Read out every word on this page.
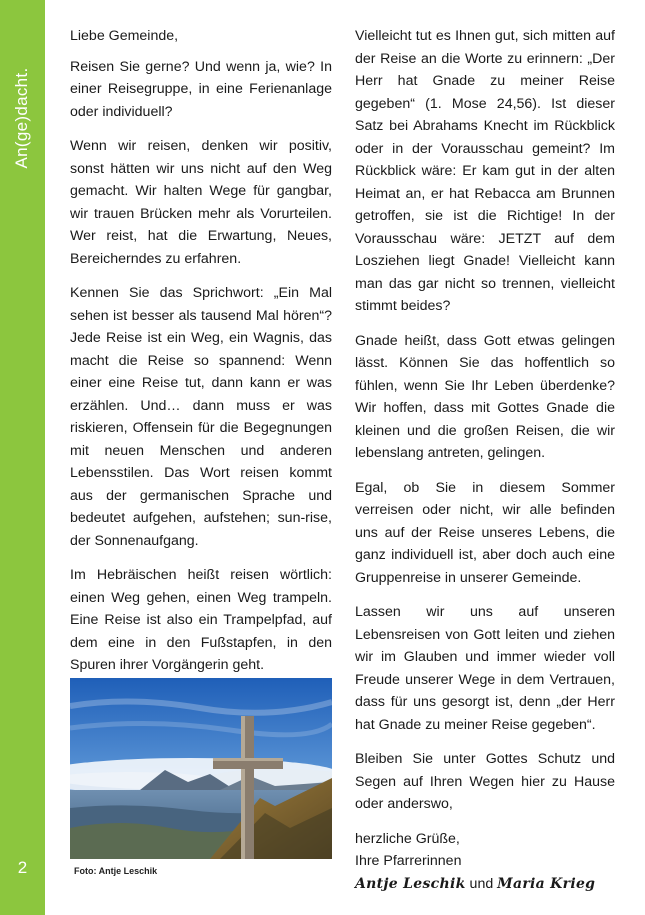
An(ge)dacht.
2

Liebe Gemeinde,

Reisen Sie gerne? Und wenn ja, wie? In einer Reisegruppe, in eine Ferienanlage oder individuell?

Wenn wir reisen, denken wir positiv, sonst hätten wir uns nicht auf den Weg gemacht. Wir halten Wege für gangbar, wir trauen Brücken mehr als Vorurteilen. Wer reist, hat die Erwartung, Neues, Bereicherndes zu erfahren.

Kennen Sie das Sprichwort: „Ein Mal sehen ist besser als tausend Mal hören“? Jede Reise ist ein Weg, ein Wagnis, das macht die Reise so spannend: Wenn einer eine Reise tut, dann kann er was erzählen. Und… dann muss er was riskieren, Offensein für die Begegnungen mit neuen Menschen und anderen Lebensstilen. Das Wort reisen kommt aus der germanischen Sprache und bedeutet aufgehen, aufstehen; sun-rise, der Sonnenaufgang.

Im Hebräischen heißt reisen wörtlich: einen Weg gehen, einen Weg trampeln. Eine Reise ist also ein Trampelpfad, auf dem eine in den Fußstapfen, in den Spuren ihrer Vorgängerin geht.

Foto: Antje Leschik

Vielleicht tut es Ihnen gut, sich mitten auf der Reise an die Worte zu erinnern: „Der Herr hat Gnade zu meiner Reise gegeben“ (1. Mose 24,56). Ist dieser Satz bei Abrahams Knecht im Rückblick oder in der Vorausschau gemeint? Im Rückblick wäre: Er kam gut in der alten Heimat an, er hat Rebacca am Brunnen getroffen, sie ist die Richtige! In der Vorausschau wäre: JETZT auf dem Losziehen liegt Gnade! Vielleicht kann man das gar nicht so trennen, vielleicht stimmt beides?

Gnade heißt, dass Gott etwas gelingen lässt. Können Sie das hoffentlich so fühlen, wenn Sie Ihr Leben überdenke? Wir hoffen, dass mit Gottes Gnade die kleinen und die großen Reisen, die wir lebenslang antreten, gelingen.

Egal, ob Sie in diesem Sommer verreisen oder nicht, wir alle befinden uns auf der Reise unseres Lebens, die ganz individuell ist, aber doch auch eine Gruppenreise in unserer Gemeinde.

Lassen wir uns auf unseren Lebensreisen von Gott leiten und ziehen wir im Glauben und immer wieder voll Freude unserer Wege in dem Vertrauen, dass für uns gesorgt ist, denn „der Herr hat Gnade zu meiner Reise gegeben“.

Bleiben Sie unter Gottes Schutz und Segen auf Ihren Wegen hier zu Hause oder anderswo,

herzliche Grüße,

Ihre Pfarrerinnen

Antje Leschik und Maria Krieg
